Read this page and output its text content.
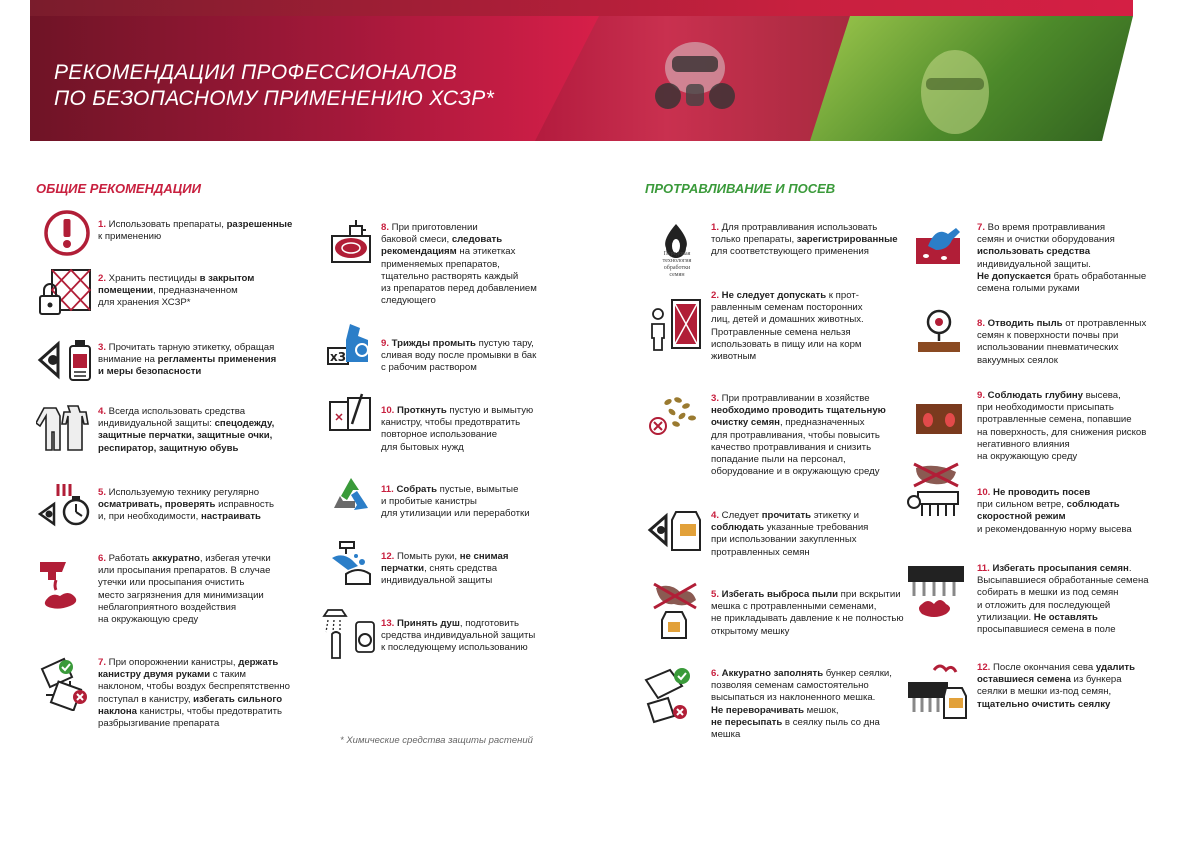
РЕКОМЕНДАЦИИ ПРОФЕССИОНАЛОВ
ПО БЕЗОПАСНОМУ ПРИМЕНЕНИЮ ХСЗР*
ОБЩИЕ РЕКОМЕНДАЦИИ	ПРОТРАВЛИВАНИЕ И ПОСЕВ
x3
Передовая технология обработки семян
1. Использовать препараты, разрешенные
к применению
2. Хранить пестициды в закрытом
помещении, предназначенном
для хранения ХСЗР*
3. Прочитать тарную этикетку, обращая
внимание на регламенты применения
и меры безопасности
4. Всегда использовать средства
индивидуальной защиты: спецодежду,
защитные перчатки, защитные очки,
респиратор, защитную обувь
5. Используемую технику регулярно
осматривать, проверять исправность
и, при необходимости, настраивать
6. Работать аккуратно, избегая утечки
или просыпания препаратов. В случае
утечки или просыпания очистить
место загрязнения для минимизации
неблагоприятного воздействия
на окружающую среду
7. При опорожнении канистры, держать
канистру двумя руками с таким
наклоном, чтобы воздух беспрепятственно
поступал в канистру, избегать сильного
наклона канистры, чтобы предотвратить
разбрызгивание препарата
8. При приготовлении
баковой смеси, следовать
рекомендациям на этикетках
применяемых препаратов,
тщательно растворять каждый
из препаратов перед добавлением
следующего
9. Трижды промыть пустую тару,
сливая воду после промывки в бак
с рабочим раствором
10. Проткнуть пустую и вымытую
канистру, чтобы предотвратить
повторное использование
для бытовых нужд
11. Собрать пустые, вымытые
и пробитые канистры
для утилизации или переработки
12. Помыть руки, не снимая
перчатки, снять средства
индивидуальной защиты
13. Принять душ, подготовить
средства индивидуальной защиты
к последующему использованию
1. Для протравливания использовать
только препараты, зарегистрированные
для соответствующего применения
2. Не следует допускать к прот-
равленным семенам посторонних
лиц, детей и домашних животных.
Протравленные семена нельзя
использовать в пищу или на корм
животным
3. При протравливании в хозяйстве
необходимо проводить тщательную
очистку семян, предназначенных
для протравливания, чтобы повысить
качество протравливания и снизить
попадание пыли на персонал,
оборудование и в окружающую среду
4. Следует прочитать этикетку и
соблюдать указанные требования
при использовании закупленных
протравленных семян
5. Избегать выброса пыли при вскрытии
мешка с протравленными семенами,
не прикладывать давление к не полностью
открытому мешку
6. Аккуратно заполнять бункер сеялки,
позволяя семенам самостоятельно
высыпаться из наклоненного мешка.
Не переворачивать мешок,
не пересыпать в сеялку пыль со дна
мешка
7. Во время протравливания
семян и очистки оборудования
использовать средства
индивидуальной защиты.
Не допускается брать обработанные
семена голыми руками
8. Отводить пыль от протравленных
семян к поверхности почвы при
использовании пневматических
вакуумных сеялок
9. Соблюдать глубину высева,
при необходимости присыпать
протравленные семена, попавшие
на поверхность, для снижения рисков
негативного влияния
на окружающую среду
10. Не проводить посев
при сильном ветре, соблюдать
скоростной режим
и рекомендованную норму высева
11. Избегать просыпания семян.
Высыпавшиеся обработанные семена
собирать в мешки из под семян
и отложить для последующей
утилизации. Не оставлять
просыпавшиеся семена в поле
12. После окончания сева удалить
оставшиеся семена из бункера
сеялки в мешки из-под семян,
тщательно очистить сеялку
* Химические средства защиты растений
